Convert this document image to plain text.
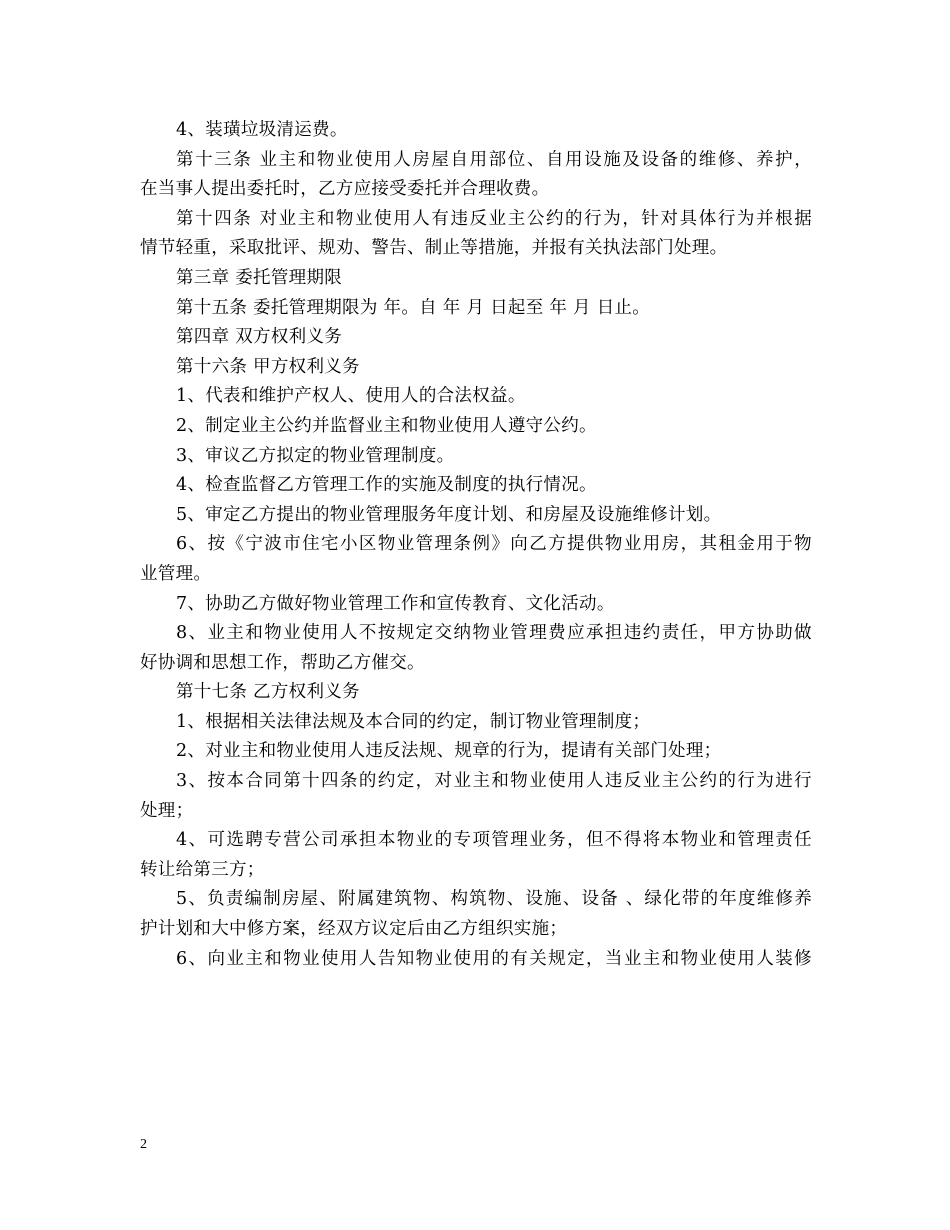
4、装璜垃圾清运费。
第十三条 业主和物业使用人房屋自用部位、自用设施及设备的维修、养护，
在当事人提出委托时，乙方应接受委托并合理收费。
第十四条 对业主和物业使用人有违反业主公约的行为，针对具体行为并根据
情节轻重，采取批评、规劝、警告、制止等措施，并报有关执法部门处理。
第三章 委托管理期限
第十五条 委托管理期限为 年。自 年 月 日起至 年 月 日止。
第四章 双方权利义务
第十六条 甲方权利义务
1、代表和维护产权人、使用人的合法权益。
2、制定业主公约并监督业主和物业使用人遵守公约。
3、审议乙方拟定的物业管理制度。
4、检查监督乙方管理工作的实施及制度的执行情况。
5、审定乙方提出的物业管理服务年度计划、和房屋及设施维修计划。
6、按《宁波市住宅小区物业管理条例》向乙方提供物业用房，其租金用于物
业管理。
7、协助乙方做好物业管理工作和宣传教育、文化活动。
8、业主和物业使用人不按规定交纳物业管理费应承担违约责任，甲方协助做
好协调和思想工作，帮助乙方催交。
第十七条 乙方权利义务
1、根据相关法律法规及本合同的约定，制订物业管理制度；
2、对业主和物业使用人违反法规、规章的行为，提请有关部门处理；
3、按本合同第十四条的约定，对业主和物业使用人违反业主公约的行为进行
处理；
4、可选聘专营公司承担本物业的专项管理业务，但不得将本物业和管理责任
转让给第三方；
5、负责编制房屋、附属建筑物、构筑物、设施、设备 、绿化带的年度维修养
护计划和大中修方案，经双方议定后由乙方组织实施；
6、向业主和物业使用人告知物业使用的有关规定，当业主和物业使用人装修
2
